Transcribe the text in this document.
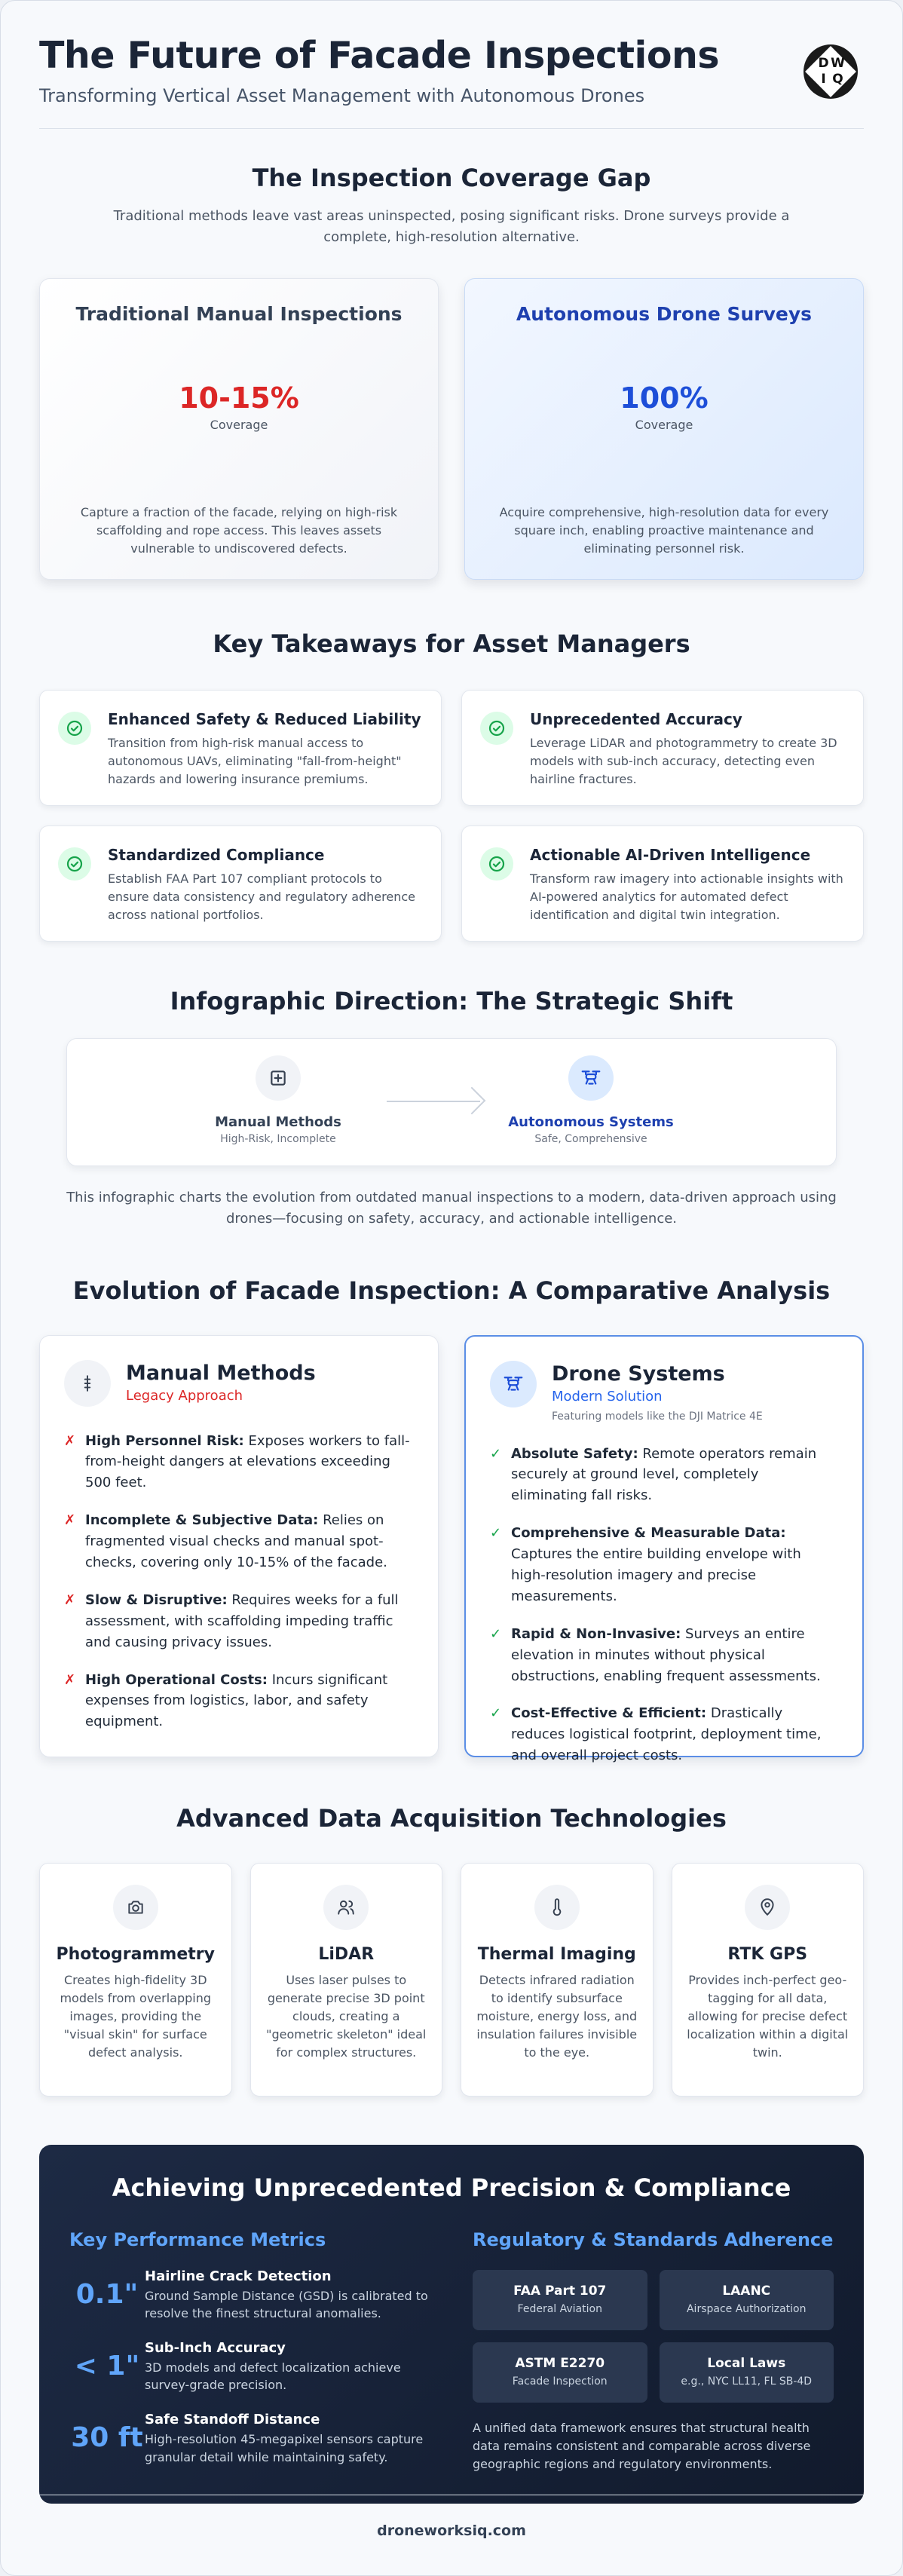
The Future of Facade Inspections
Transforming Vertical Asset Management with Autonomous Drones
D W
I Q
The Inspection Coverage Gap

Traditional methods leave vast areas uninspected, posing significant risks. Drone surveys provide a complete, high-resolution alternative.

Traditional Manual Inspections
10-15%
Coverage

Capture a fraction of the facade, relying on high-risk scaffolding and rope access. This leaves assets vulnerable to undiscovered defects.

Autonomous Drone Surveys
100%
Coverage

Acquire comprehensive, high-resolution data for every square inch, enabling proactive maintenance and eliminating personnel risk.

Key Takeaways for Asset Managers
Enhanced Safety & Reduced Liability

Transition from high-risk manual access to autonomous UAVs, eliminating "fall-from-height" hazards and lowering insurance premiums.

Unprecedented Accuracy

Leverage LiDAR and photogrammetry to create 3D models with sub-inch accuracy, detecting even hairline fractures.

Standardized Compliance

Establish FAA Part 107 compliant protocols to ensure data consistency and regulatory adherence across national portfolios.

Actionable AI-Driven Intelligence

Transform raw imagery into actionable insights with AI-powered analytics for automated defect identification and digital twin integration.

Infographic Direction: The Strategic Shift
Manual Methods
High-Risk, Incomplete
Autonomous Systems
Safe, Comprehensive

This infographic charts the evolution from outdated manual inspections to a modern, data-driven approach using drones—focusing on safety, accuracy, and actionable intelligence.

Evolution of Facade Inspection: A Comparative Analysis
Manual Methods
Legacy Approach
✗ High Personnel Risk: Exposes workers to fall-from-height dangers at elevations exceeding 500 feet.
✗ Incomplete & Subjective Data: Relies on fragmented visual checks and manual spot-checks, covering only 10-15% of the facade.
✗ Slow & Disruptive: Requires weeks for a full assessment, with scaffolding impeding traffic and causing privacy issues.
✗ High Operational Costs: Incurs significant expenses from logistics, labor, and safety equipment.
Drone Systems
Modern Solution
Featuring models like the DJI Matrice 4E
✓ Absolute Safety: Remote operators remain securely at ground level, completely eliminating fall risks.
✓ Comprehensive & Measurable Data: Captures the entire building envelope with high-resolution imagery and precise measurements.
✓ Rapid & Non-Invasive: Surveys an entire elevation in minutes without physical obstructions, enabling frequent assessments.
✓ Cost-Effective & Efficient: Drastically reduces logistical footprint, deployment time, and overall project costs.
Advanced Data Acquisition Technologies
Photogrammetry

Creates high-fidelity 3D models from overlapping images, providing the "visual skin" for surface defect analysis.

LiDAR

Uses laser pulses to generate precise 3D point clouds, creating a "geometric skeleton" ideal for complex structures.

Thermal Imaging

Detects infrared radiation to identify subsurface moisture, energy loss, and insulation failures invisible to the eye.

RTK GPS

Provides inch-perfect geo-tagging for all data, allowing for precise defect localization within a digital twin.

Achieving Unprecedented Precision & Compliance
Key Performance Metrics
0.1"
Hairline Crack Detection
Ground Sample Distance (GSD) is calibrated to resolve the finest structural anomalies.
< 1"
Sub-Inch Accuracy
3D models and defect localization achieve survey-grade precision.
30 ft
Safe Standoff Distance
High-resolution 45-megapixel sensors capture granular detail while maintaining safety.
Regulatory & Standards Adherence
FAA Part 107
Federal Aviation
LAANC
Airspace Authorization
ASTM E2270
Facade Inspection
Local Laws
e.g., NYC LL11, FL SB-4D

A unified data framework ensures that structural health data remains consistent and comparable across diverse geographic regions and regulatory environments.

droneworksiq.com
